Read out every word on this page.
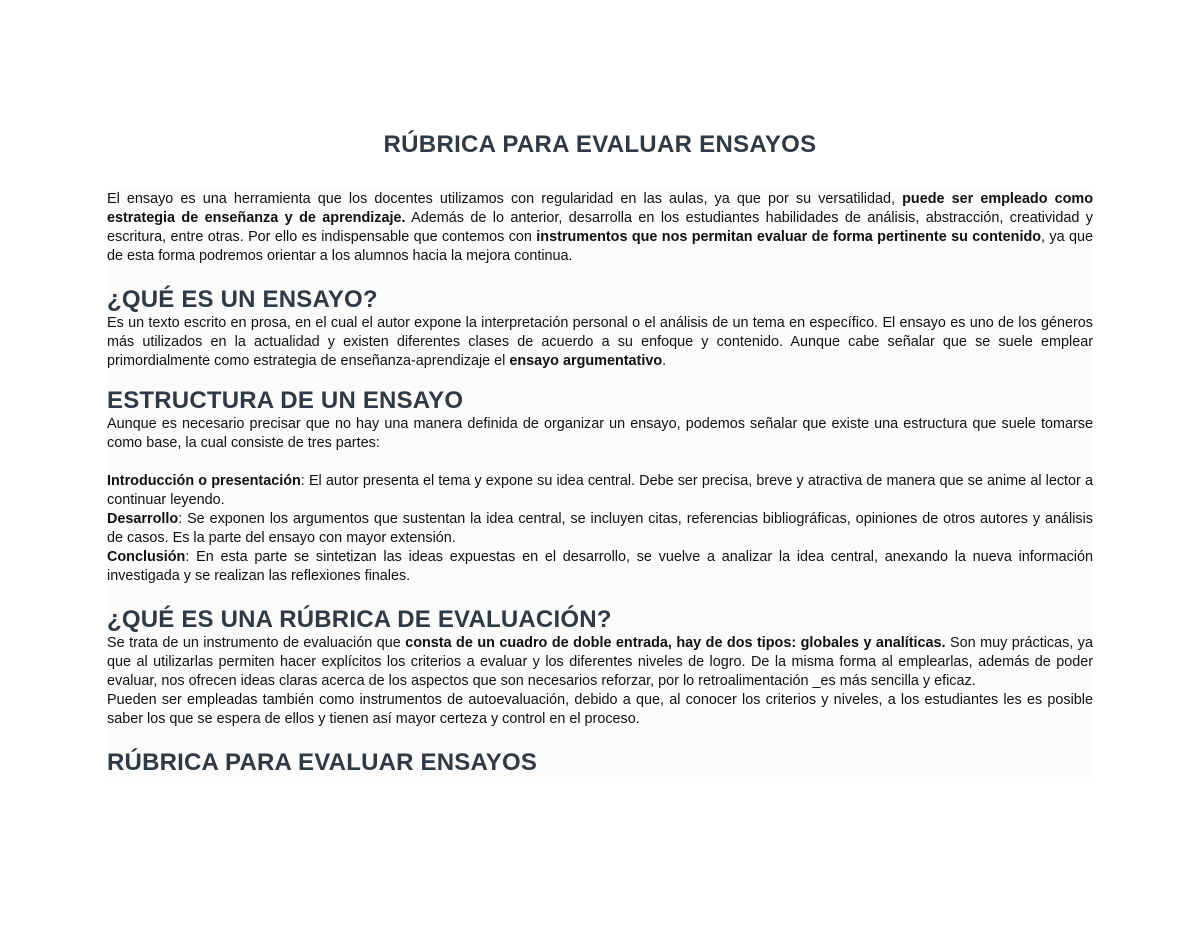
RÚBRICA PARA EVALUAR ENSAYOS

El ensayo es una herramienta que los docentes utilizamos con regularidad en las aulas, ya que por su versatilidad, puede ser empleado como estrategia de enseñanza y de aprendizaje. Además de lo anterior, desarrolla en los estudiantes habilidades de análisis, abstracción, creatividad y escritura, entre otras. Por ello es indispensable que contemos con instrumentos que nos permitan evaluar de forma pertinente su contenido, ya que de esta forma podremos orientar a los alumnos hacia la mejora continua.

¿QUÉ ES UN ENSAYO?

Es un texto escrito en prosa, en el cual el autor expone la interpretación personal o el análisis de un tema en específico. El ensayo es uno de los géneros más utilizados en la actualidad y existen diferentes clases de acuerdo a su enfoque y contenido. Aunque cabe señalar que se suele emplear primordialmente como estrategia de enseñanza-aprendizaje el ensayo argumentativo.

ESTRUCTURA DE UN ENSAYO

Aunque es necesario precisar que no hay una manera definida de organizar un ensayo, podemos señalar que existe una estructura que suele tomarse como base, la cual consiste de tres partes:

Introducción o presentación: El autor presenta el tema y expone su idea central. Debe ser precisa, breve y atractiva de manera que se anime al lector a continuar leyendo.

Desarrollo: Se exponen los argumentos que sustentan la idea central, se incluyen citas, referencias bibliográficas, opiniones de otros autores y análisis de casos. Es la parte del ensayo con mayor extensión.

Conclusión: En esta parte se sintetizan las ideas expuestas en el desarrollo, se vuelve a analizar la idea central, anexando la nueva información investigada y se realizan las reflexiones finales.

¿QUÉ ES UNA RÚBRICA DE EVALUACIÓN?

Se trata de un instrumento de evaluación que consta de un cuadro de doble entrada, hay de dos tipos: globales y analíticas. Son muy prácticas, ya que al utilizarlas permiten hacer explícitos los criterios a evaluar y los diferentes niveles de logro. De la misma forma al emplearlas, además de poder evaluar, nos ofrecen ideas claras acerca de los aspectos que son necesarios reforzar, por lo retroalimentación _es más sencilla y eficaz.

Pueden ser empleadas también como instrumentos de autoevaluación, debido a que, al conocer los criterios y niveles, a los estudiantes les es posible saber los que se espera de ellos y tienen así mayor certeza y control en el proceso.

RÚBRICA PARA EVALUAR ENSAYOS
